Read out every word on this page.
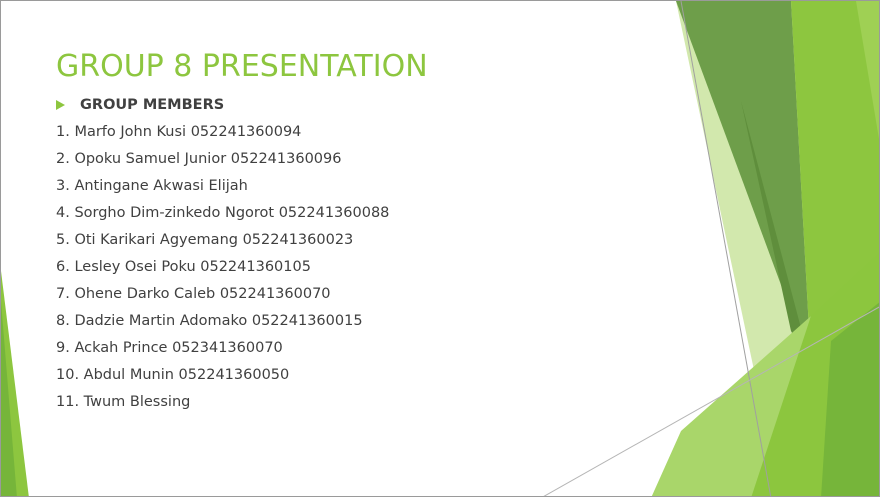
GROUP 8 PRESENTATION
GROUP MEMBERS
1. Marfo John Kusi 052241360094
2. Opoku Samuel Junior 052241360096
3. Antingane Akwasi Elijah
4. Sorgho Dim-zinkedo Ngorot 052241360088
5. Oti Karikari Agyemang 052241360023
6. Lesley Osei Poku 052241360105
7. Ohene Darko Caleb 052241360070
8. Dadzie Martin Adomako 052241360015
9. Ackah Prince 052341360070
10. Abdul Munin 052241360050
11. Twum Blessing
